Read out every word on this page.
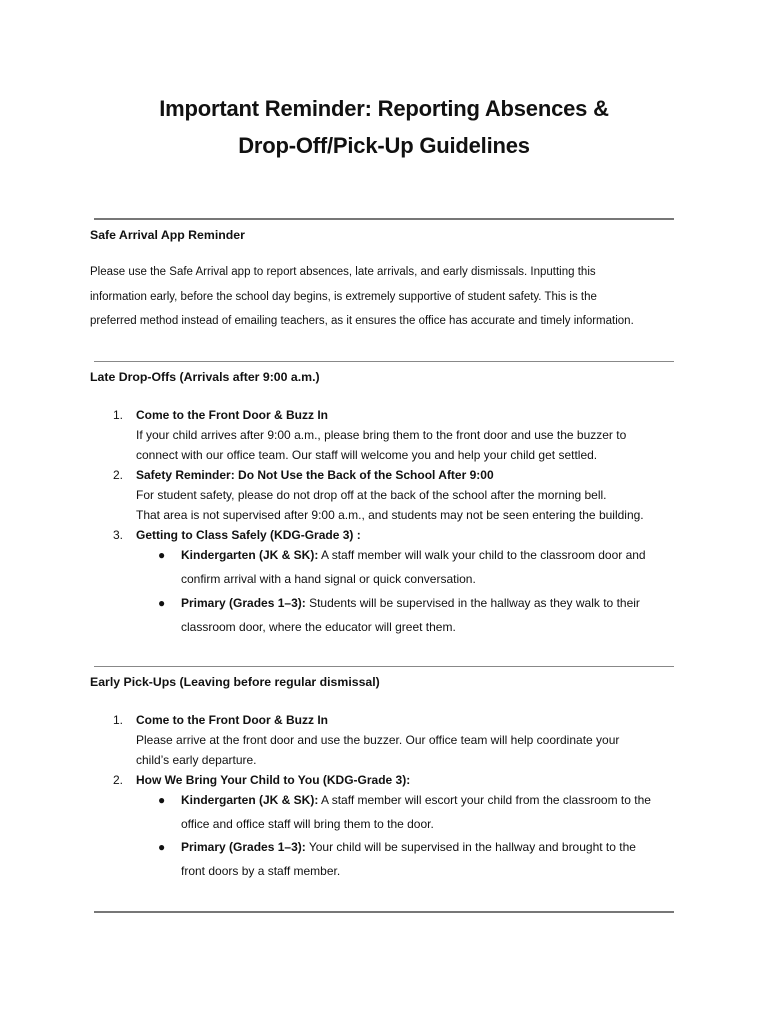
Important Reminder: Reporting Absences &
Drop-Off/Pick-Up Guidelines
Safe Arrival App Reminder
Please use the Safe Arrival app to report absences, late arrivals, and early dismissals. Inputting this
information early, before the school day begins, is extremely supportive of student safety. This is the
preferred method instead of emailing teachers, as it ensures the office has accurate and timely information.
Late Drop-Offs (Arrivals after 9:00 a.m.)
1.	Come to the Front Door & Buzz In
If your child arrives after 9:00 a.m., please bring them to the front door and use the buzzer to
connect with our office team. Our staff will welcome you and help your child get settled.
2.	Safety Reminder: Do Not Use the Back of the School After 9:00
For student safety, please do not drop off at the back of the school after the morning bell.
That area is not supervised after 9:00 a.m., and students may not be seen entering the building.
3.	Getting to Class Safely (KDG-Grade 3) :
● Kindergarten (JK & SK): A staff member will walk your child to the classroom door and
confirm arrival with a hand signal or quick conversation.
● Primary (Grades 1–3): Students will be supervised in the hallway as they walk to their
classroom door, where the educator will greet them.
Early Pick-Ups (Leaving before regular dismissal)
1.	Come to the Front Door & Buzz In
Please arrive at the front door and use the buzzer. Our office team will help coordinate your
child’s early departure.
2.	How We Bring Your Child to You (KDG-Grade 3):
● Kindergarten (JK & SK): A staff member will escort your child from the classroom to the
office and office staff will bring them to the door.
● Primary (Grades 1–3): Your child will be supervised in the hallway and brought to the
front doors by a staff member.
